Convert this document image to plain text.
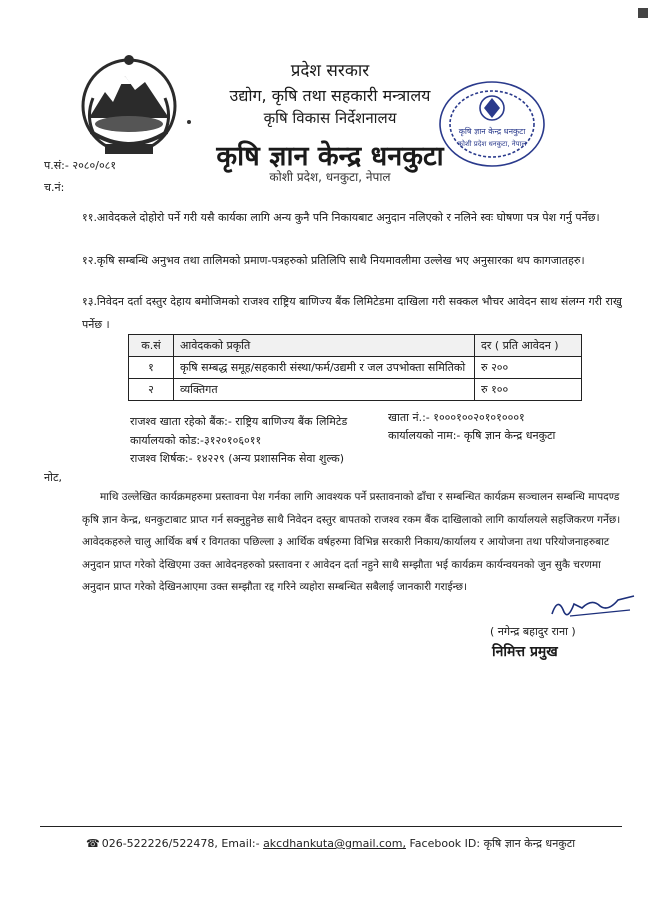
प्रदेश सरकार
उद्योग, कृषि तथा सहकारी मन्त्रालय
कृषि विकास निर्देशनालय
कृषि ज्ञान केन्द्र धनकुटा
कोशी प्रदेश, धनकुटा, नेपाल
कृषि ज्ञान केन्द्र धनकुटा
कोशी प्रदेश धनकुटा, नेपाल
प.सं:- २०८०/०८१
च.नं:
११.आवेदकले दोहोरो पर्ने गरी यसै कार्यका लागि अन्य कुनै पनि निकायबाट अनुदान नलिएको र नलिने स्वः घोषणा पत्र पेश गर्नु पर्नेछ।
१२.कृषि सम्बन्धि अनुभव तथा तालिमको प्रमाण-पत्रहरुको प्रतिलिपि साथै नियमावलीमा उल्लेख भए अनुसारका थप कागजातहरु।
१३.निवेदन दर्ता दस्तुर देहाय बमोजिमको राजश्व राष्ट्रिय बाणिज्य बैंक लिमिटेडमा दाखिला गरी सक्कल भौचर आवेदन साथ संलग्न गरी राखु पर्नेछ ।
क.सं	आवेदकको प्रकृति	दर ( प्रति आवेदन )
१	कृषि सम्बद्ध समूह/सहकारी संस्था/फर्म/उद्यमी र जल उपभोक्ता समितिको	रु २००
२	व्यक्तिगत	रु १००
राजश्व खाता रहेको बैंक:- राष्ट्रिय बाणिज्य बैंक लिमिटेड	खाता नं.:- १०००१००२०१०१०००१
कार्यालयको कोड:-३१२०१०६०११	कार्यालयको नाम:- कृषि ज्ञान केन्द्र धनकुटा
राजश्व शिर्षक:- १४२२९ (अन्य प्रशासनिक सेवा शुल्क)
नोट,
माथि उल्लेखित कार्यक्रमहरुमा प्रस्तावना पेश गर्नका लागि आवश्यक पर्ने प्रस्तावनाको ढाँचा र सम्बन्धित कार्यक्रम सञ्चालन सम्बन्धि मापदण्ड कृषि ज्ञान केन्द्र, धनकुटाबाट प्राप्त गर्न सक्नुहुनेछ साथै निवेदन दस्तुर बापतको राजश्व रकम बैंक दाखिलाको लागि कार्यालयले सहजिकरण गर्नेछ। आवेदकहरुले चालु आर्थिक बर्ष र विगतका पछिल्ला ३ आर्थिक वर्षहरुमा विभिन्न सरकारी निकाय/कार्यालय र आयोजना तथा परियोजनाहरुबाट अनुदान प्राप्त गरेको देखिएमा उक्त आवेदनहरुको प्रस्तावना र आवेदन दर्ता नहुने साथै सम्झौता भई कार्यक्रम कार्यन्वयनको जुन सुकै चरणमा अनुदान प्राप्त गरेको देखिनआएमा उक्त सम्झौता रद्द गरिने व्यहोरा सम्बन्धित सबैलाई जानकारी गराईन्छ।
( नगेन्द्र बहादुर राना )
निमित्त प्रमुख
☎ 026-522226/522478, Email:- akcdhankuta@gmail.com, Facebook ID: कृषि ज्ञान केन्द्र धनकुटा
